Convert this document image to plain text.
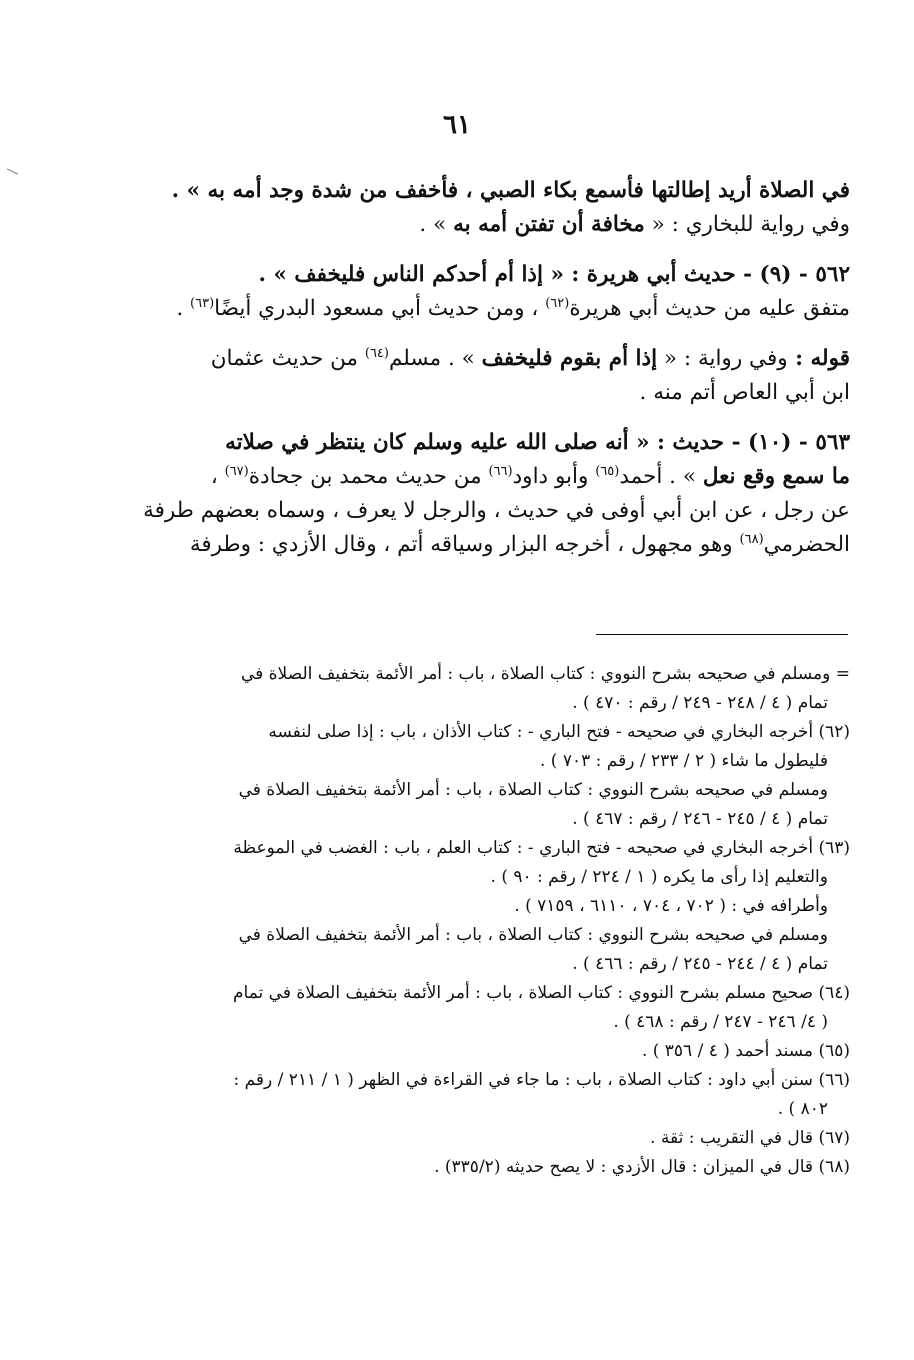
٦١

في الصلاة أريد إطالتها فأسمع بكاء الصبي ، فأخفف من شدة وجد أمه به » .
وفي رواية للبخاري : « مخافة أن تفتن أمه به » .

٥٦٢ - (٩) - حديث أبي هريرة : « إذا أم أحدكم الناس فليخفف » .
متفق عليه من حديث أبي هريرة$^{(٦٢)}$ ، ومن حديث أبي مسعود البدري أيضًا$^{(٦٣)}$ .

قوله : وفي رواية : « إذا أم بقوم فليخفف » . مسلم$^{(٦٤)}$ من حديث عثمان
ابن أبي العاص أتم منه .

٥٦٣ - (١٠) - حديث : « أنه صلى الله عليه وسلم كان ينتظر في صلاته
ما سمع وقع نعل » . أحمد$^{(٦٥)}$ وأبو داود$^{(٦٦)}$ من حديث محمد بن جحادة$^{(٦٧)}$ ،
عن رجل ، عن ابن أبي أوفى في حديث ، والرجل لا يعرف ، وسماه بعضهم طرفة
الحضرمي$^{(٦٨)}$ وهو مجهول ، أخرجه البزار وسياقه أتم ، وقال الأزدي : وطرفة

= ومسلم في صحيحه بشرح النووي : كتاب الصلاة ، باب : أمر الأئمة بتخفيف الصلاة في
تمام ( ٤ / ٢٤٨ - ٢٤٩ / رقم : ٤٧٠ ) .
(٦٢) أخرجه البخاري في صحيحه - فتح الباري - : كتاب الأذان ، باب : إذا صلى لنفسه
فليطول ما شاء ( ٢ / ٢٣٣ / رقم : ٧٠٣ ) .
ومسلم في صحيحه بشرح النووي : كتاب الصلاة ، باب : أمر الأئمة بتخفيف الصلاة في
تمام ( ٤ / ٢٤٥ - ٢٤٦ / رقم : ٤٦٧ ) .
(٦٣) أخرجه البخاري في صحيحه - فتح الباري - : كتاب العلم ، باب : الغضب في الموعظة
والتعليم إذا رأى ما يكره ( ١ / ٢٢٤ / رقم : ٩٠ ) .
وأطرافه في : ( ٧٠٢ ، ٧٠٤ ، ٦١١٠ ، ٧١٥٩ ) .
ومسلم في صحيحه بشرح النووي : كتاب الصلاة ، باب : أمر الأئمة بتخفيف الصلاة في
تمام ( ٤ / ٢٤٤ - ٢٤٥ / رقم : ٤٦٦ ) .
(٦٤) صحيح مسلم بشرح النووي : كتاب الصلاة ، باب : أمر الأئمة بتخفيف الصلاة في تمام
( ٤/ ٢٤٦ - ٢٤٧ / رقم : ٤٦٨ ) .
(٦٥) مسند أحمد ( ٤ / ٣٥٦ ) .
(٦٦) سنن أبي داود : كتاب الصلاة ، باب : ما جاء في القراءة في الظهر ( ١ / ٢١١ / رقم :
٨٠٢ ) .
(٦٧) قال في التقريب : ثقة .
(٦٨) قال في الميزان : قال الأزدي : لا يصح حديثه (٣٣٥/٢) .
